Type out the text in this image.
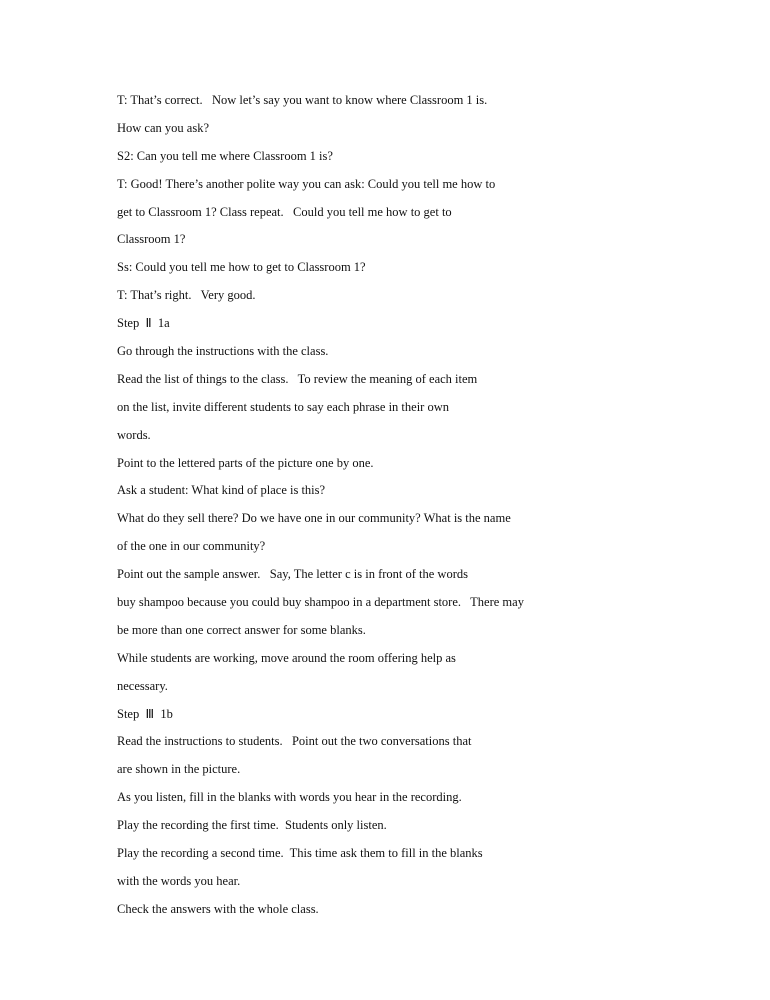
T: That’s correct.   Now let’s say you want to know where Classroom 1 is.

How can you ask?

S2: Can you tell me where Classroom 1 is?

T: Good! There’s another polite way you can ask: Could you tell me how to

get to Classroom 1? Class repeat.   Could you tell me how to get to

Classroom 1?

Ss: Could you tell me how to get to Classroom 1?

T: That’s right.   Very good.

Step  Ⅱ  1a

Go through the instructions with the class.

Read the list of things to the class.   To review the meaning of each item

on the list, invite different students to say each phrase in their own

words.

Point to the lettered parts of the picture one by one.

Ask a student: What kind of place is this?

What do they sell there? Do we have one in our community? What is the name

of the one in our community?

Point out the sample answer.   Say, The letter c is in front of the words

buy shampoo because you could buy shampoo in a department store.   There may

be more than one correct answer for some blanks.

While students are working, move around the room offering help as

necessary.

Step  Ⅲ  1b

Read the instructions to students.   Point out the two conversations that

are shown in the picture.

As you listen, fill in the blanks with words you hear in the recording.

Play the recording the first time.  Students only listen.

Play the recording a second time.  This time ask them to fill in the blanks

with the words you hear.

Check the answers with the whole class.
